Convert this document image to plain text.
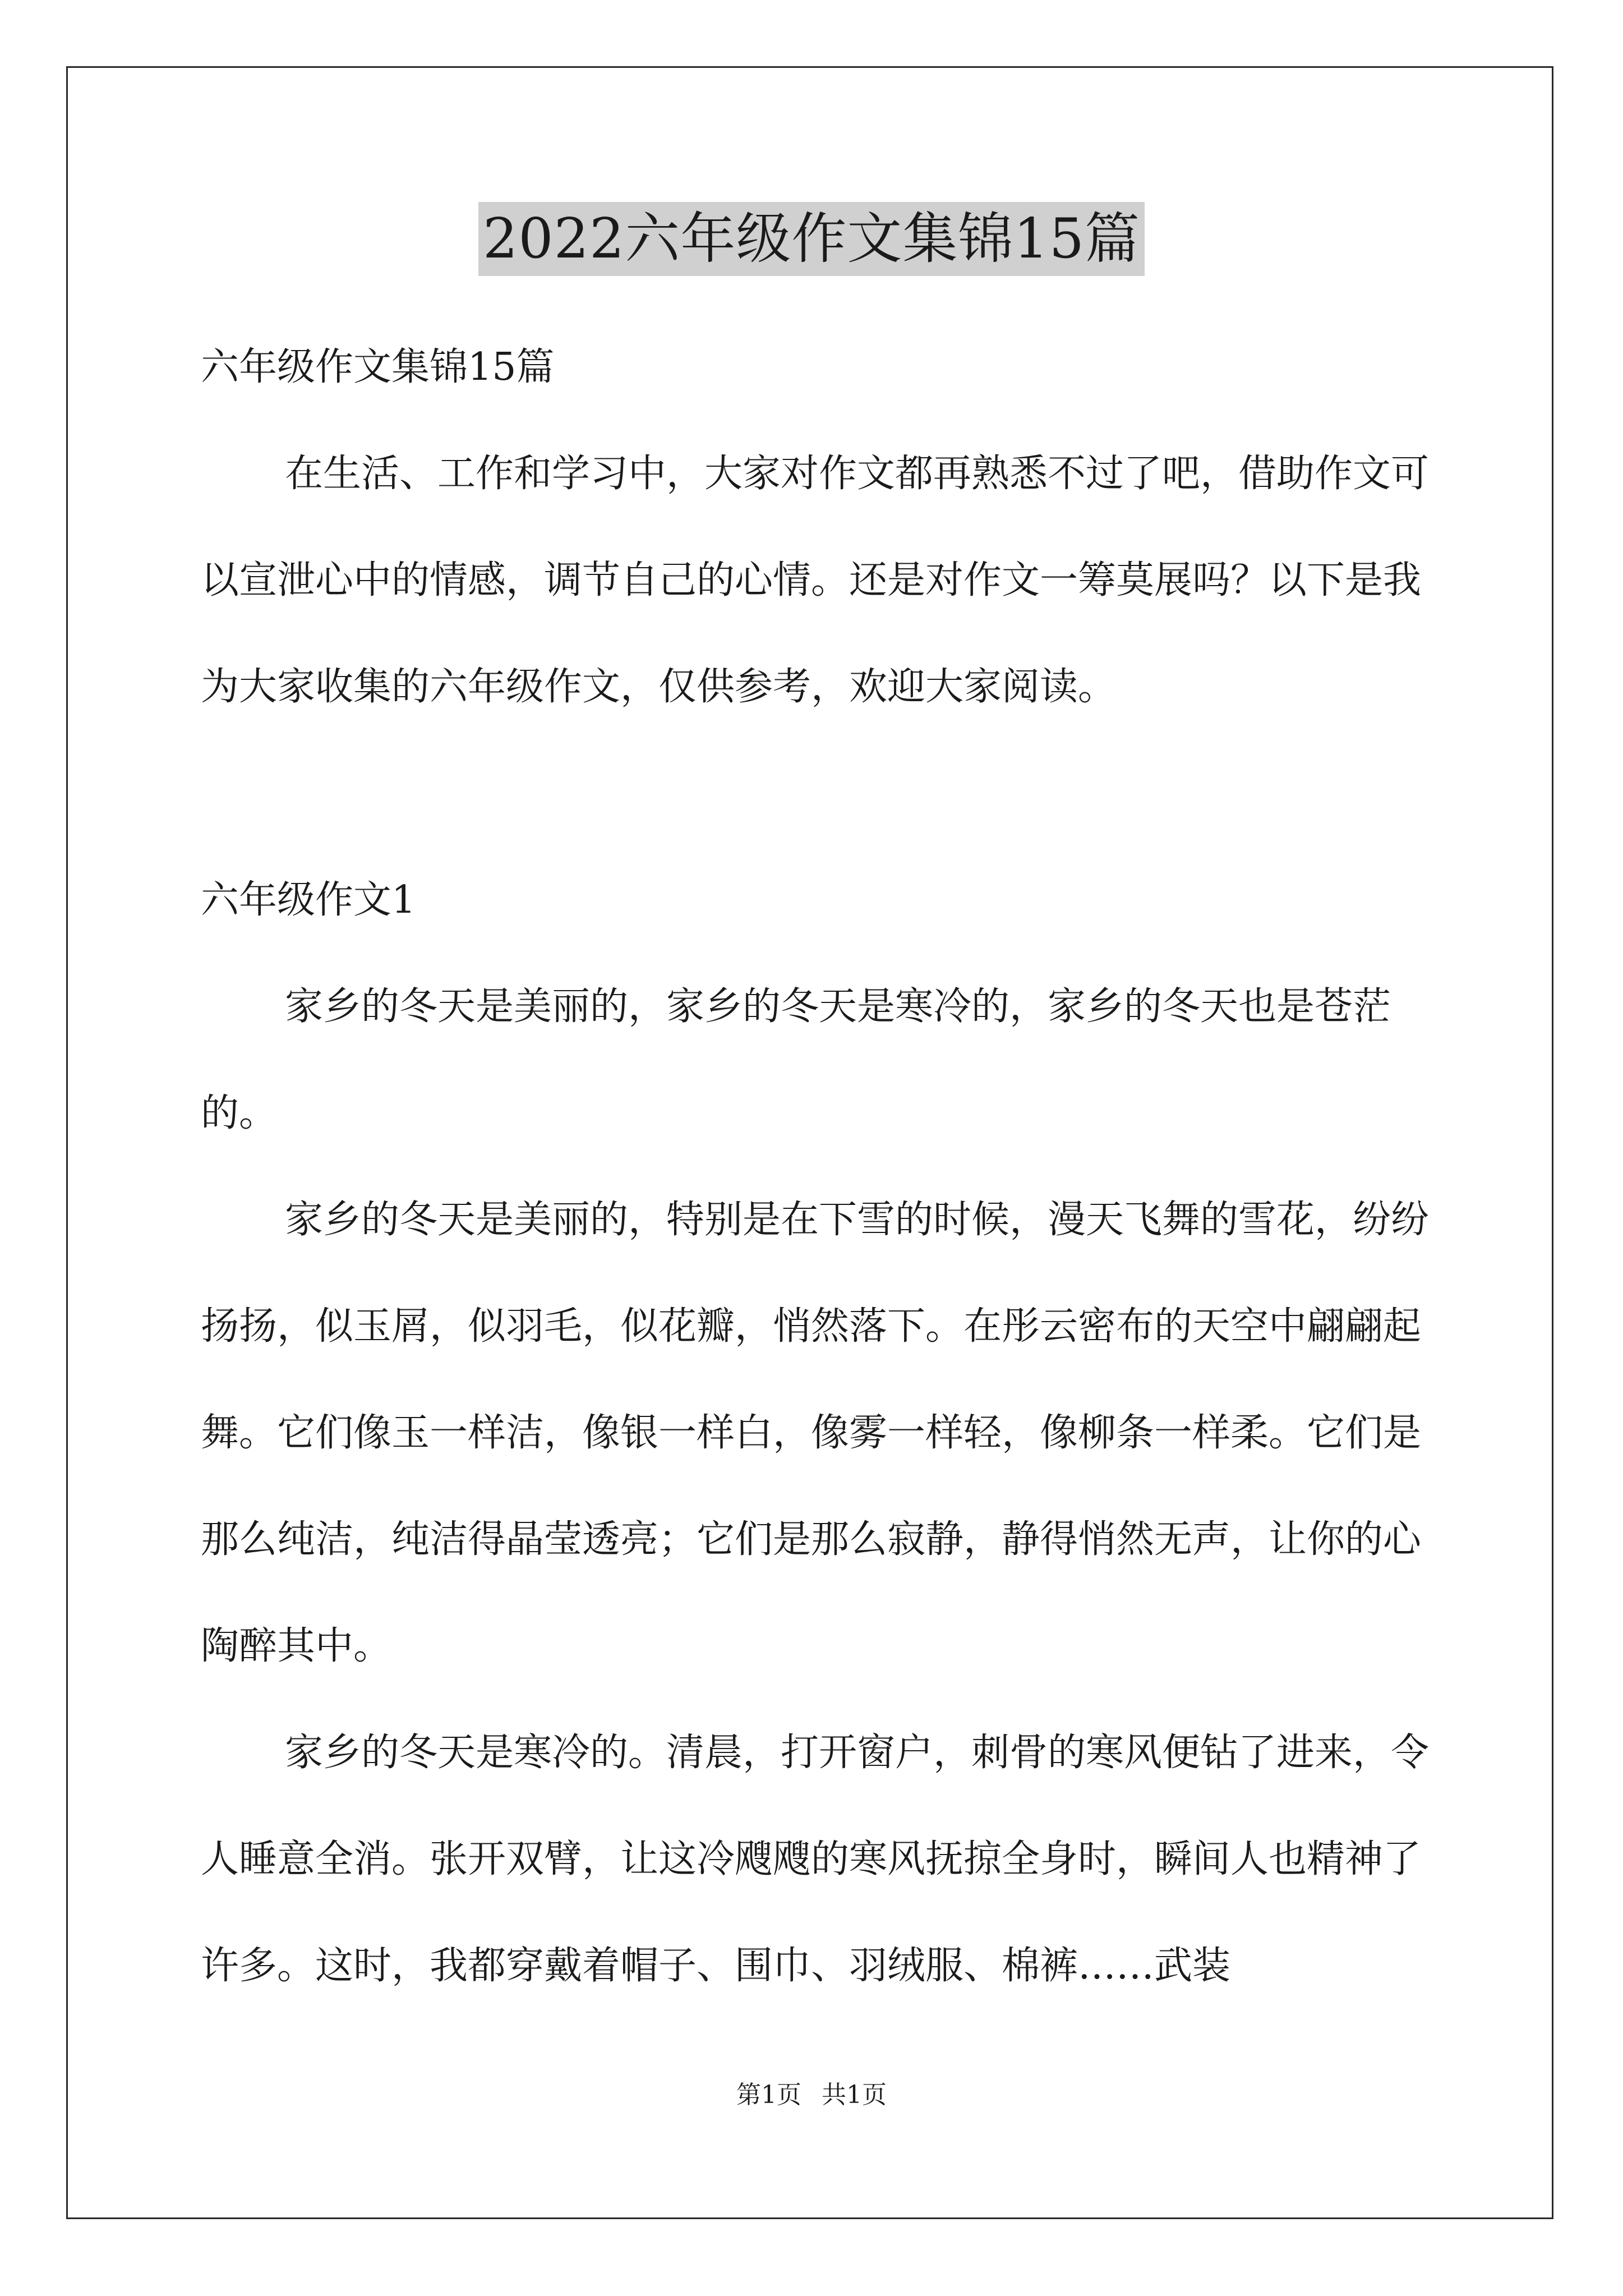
2022六年级作文集锦15篇

六年级作文集锦15篇

在生活、工作和学习中，大家对作文都再熟悉不过了吧，借助作文可以宣泄心中的情感，调节自己的心情。还是对作文一筹莫展吗？以下是我为大家收集的六年级作文，仅供参考，欢迎大家阅读。

六年级作文1

家乡的冬天是美丽的，家乡的冬天是寒冷的，家乡的冬天也是苍茫的。

家乡的冬天是美丽的，特别是在下雪的时候，漫天飞舞的雪花，纷纷扬扬，似玉屑，似羽毛，似花瓣，悄然落下。在彤云密布的天空中翩翩起舞。它们像玉一样洁，像银一样白，像雾一样轻，像柳条一样柔。它们是那么纯洁，纯洁得晶莹透亮；它们是那么寂静，静得悄然无声，让你的心陶醉其中。

家乡的冬天是寒冷的。清晨，打开窗户，刺骨的寒风便钻了进来，令人睡意全消。张开双臂，让这冷飕飕的寒风抚掠全身时，瞬间人也精神了许多。这时，我都穿戴着帽子、围巾、羽绒服、棉裤……武装

第1页 共1页
